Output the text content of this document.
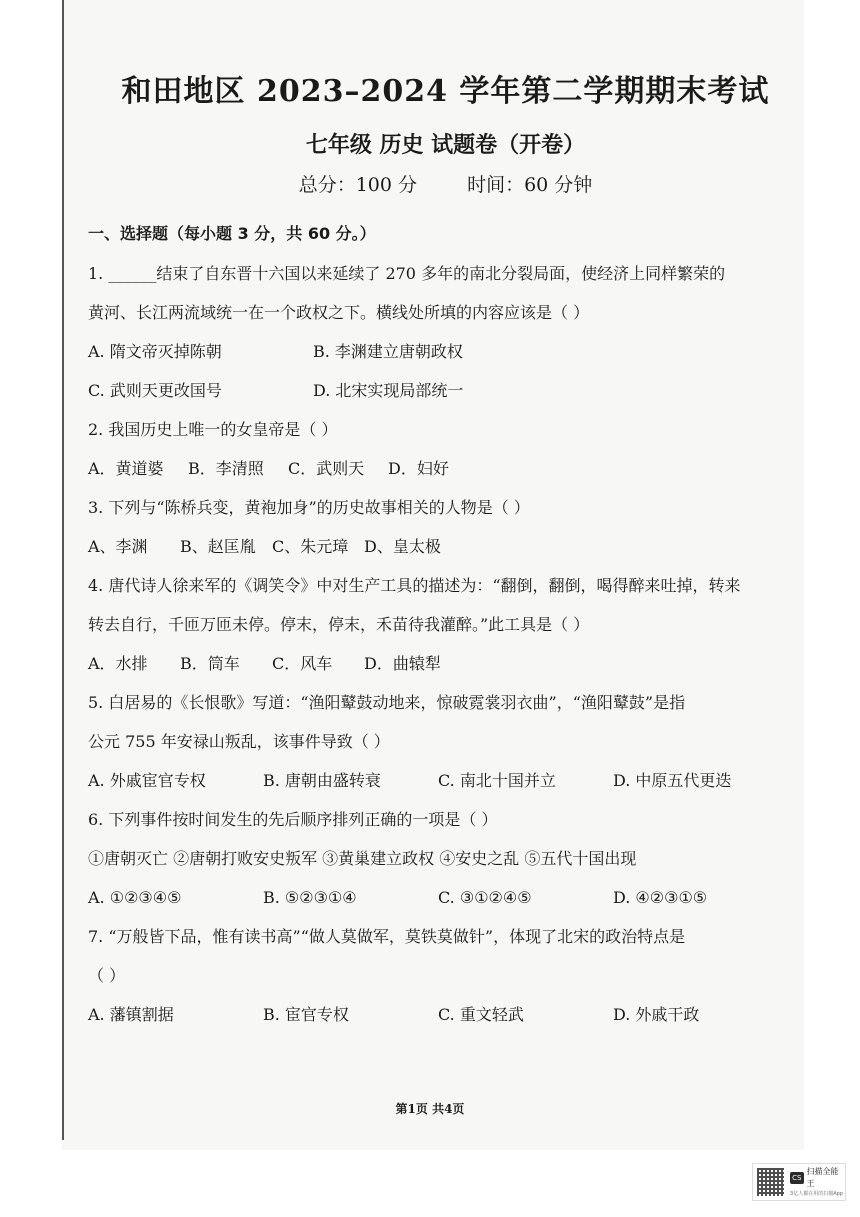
和田地区 2023–2024 学年第二学期期末考试
七年级 历史 试题卷（开卷）
总分：100 分	时间：60 分钟
一、选择题（每小题 3 分，共 60 分。）
1. ______结束了自东晋十六国以来延续了 270 多年的南北分裂局面，使经济上同样繁荣的
黄河、长江两流域统一在一个政权之下。横线处所填的内容应该是（ ）
A. 隋文帝灭掉陈朝	B. 李渊建立唐朝政权
C. 武则天更改国号	D. 北宋实现局部统一
2. 我国历史上唯一的女皇帝是（ ）
A．黄道婆	B．李清照	C．武则天	D．妇好
3. 下列与“陈桥兵变，黄袍加身”的历史故事相关的人物是（ ）
A、李渊	B、赵匡胤	C、朱元璋 D、皇太极
4. 唐代诗人徐来军的《调笑令》中对生产工具的描述为：“翻倒，翻倒，喝得醉来吐掉，转来
转去自行，千匝万匝未停。停末，停末，禾苗待我灌醉。”此工具是（ ）
A．水排	B．筒车	C．风车	D．曲辕犁
5. 白居易的《长恨歌》写道：“渔阳鼙鼓动地来，惊破霓裳羽衣曲”，“渔阳鼙鼓”是指
公元 755 年安禄山叛乱，该事件导致（ ）
A. 外戚宦官专权	B. 唐朝由盛转衰	C. 南北十国并立	D. 中原五代更迭
6. 下列事件按时间发生的先后顺序排列正确的一项是（ ）
①唐朝灭亡 ②唐朝打败安史叛军 ③黄巢建立政权 ④安史之乱 ⑤五代十国出现
A. ①②③④⑤	B. ⑤②③①④	C. ③①②④⑤	D. ④②③①⑤
7. “万般皆下品，惟有读书高”“做人莫做军，莫铁莫做针”，体现了北宋的政治特点是
（ ）
A. 藩镇割据	B. 宦官专权	C. 重文轻武	D. 外戚干政
第1页 共4页
CS
扫描全能王
3亿人都在用的扫描App
